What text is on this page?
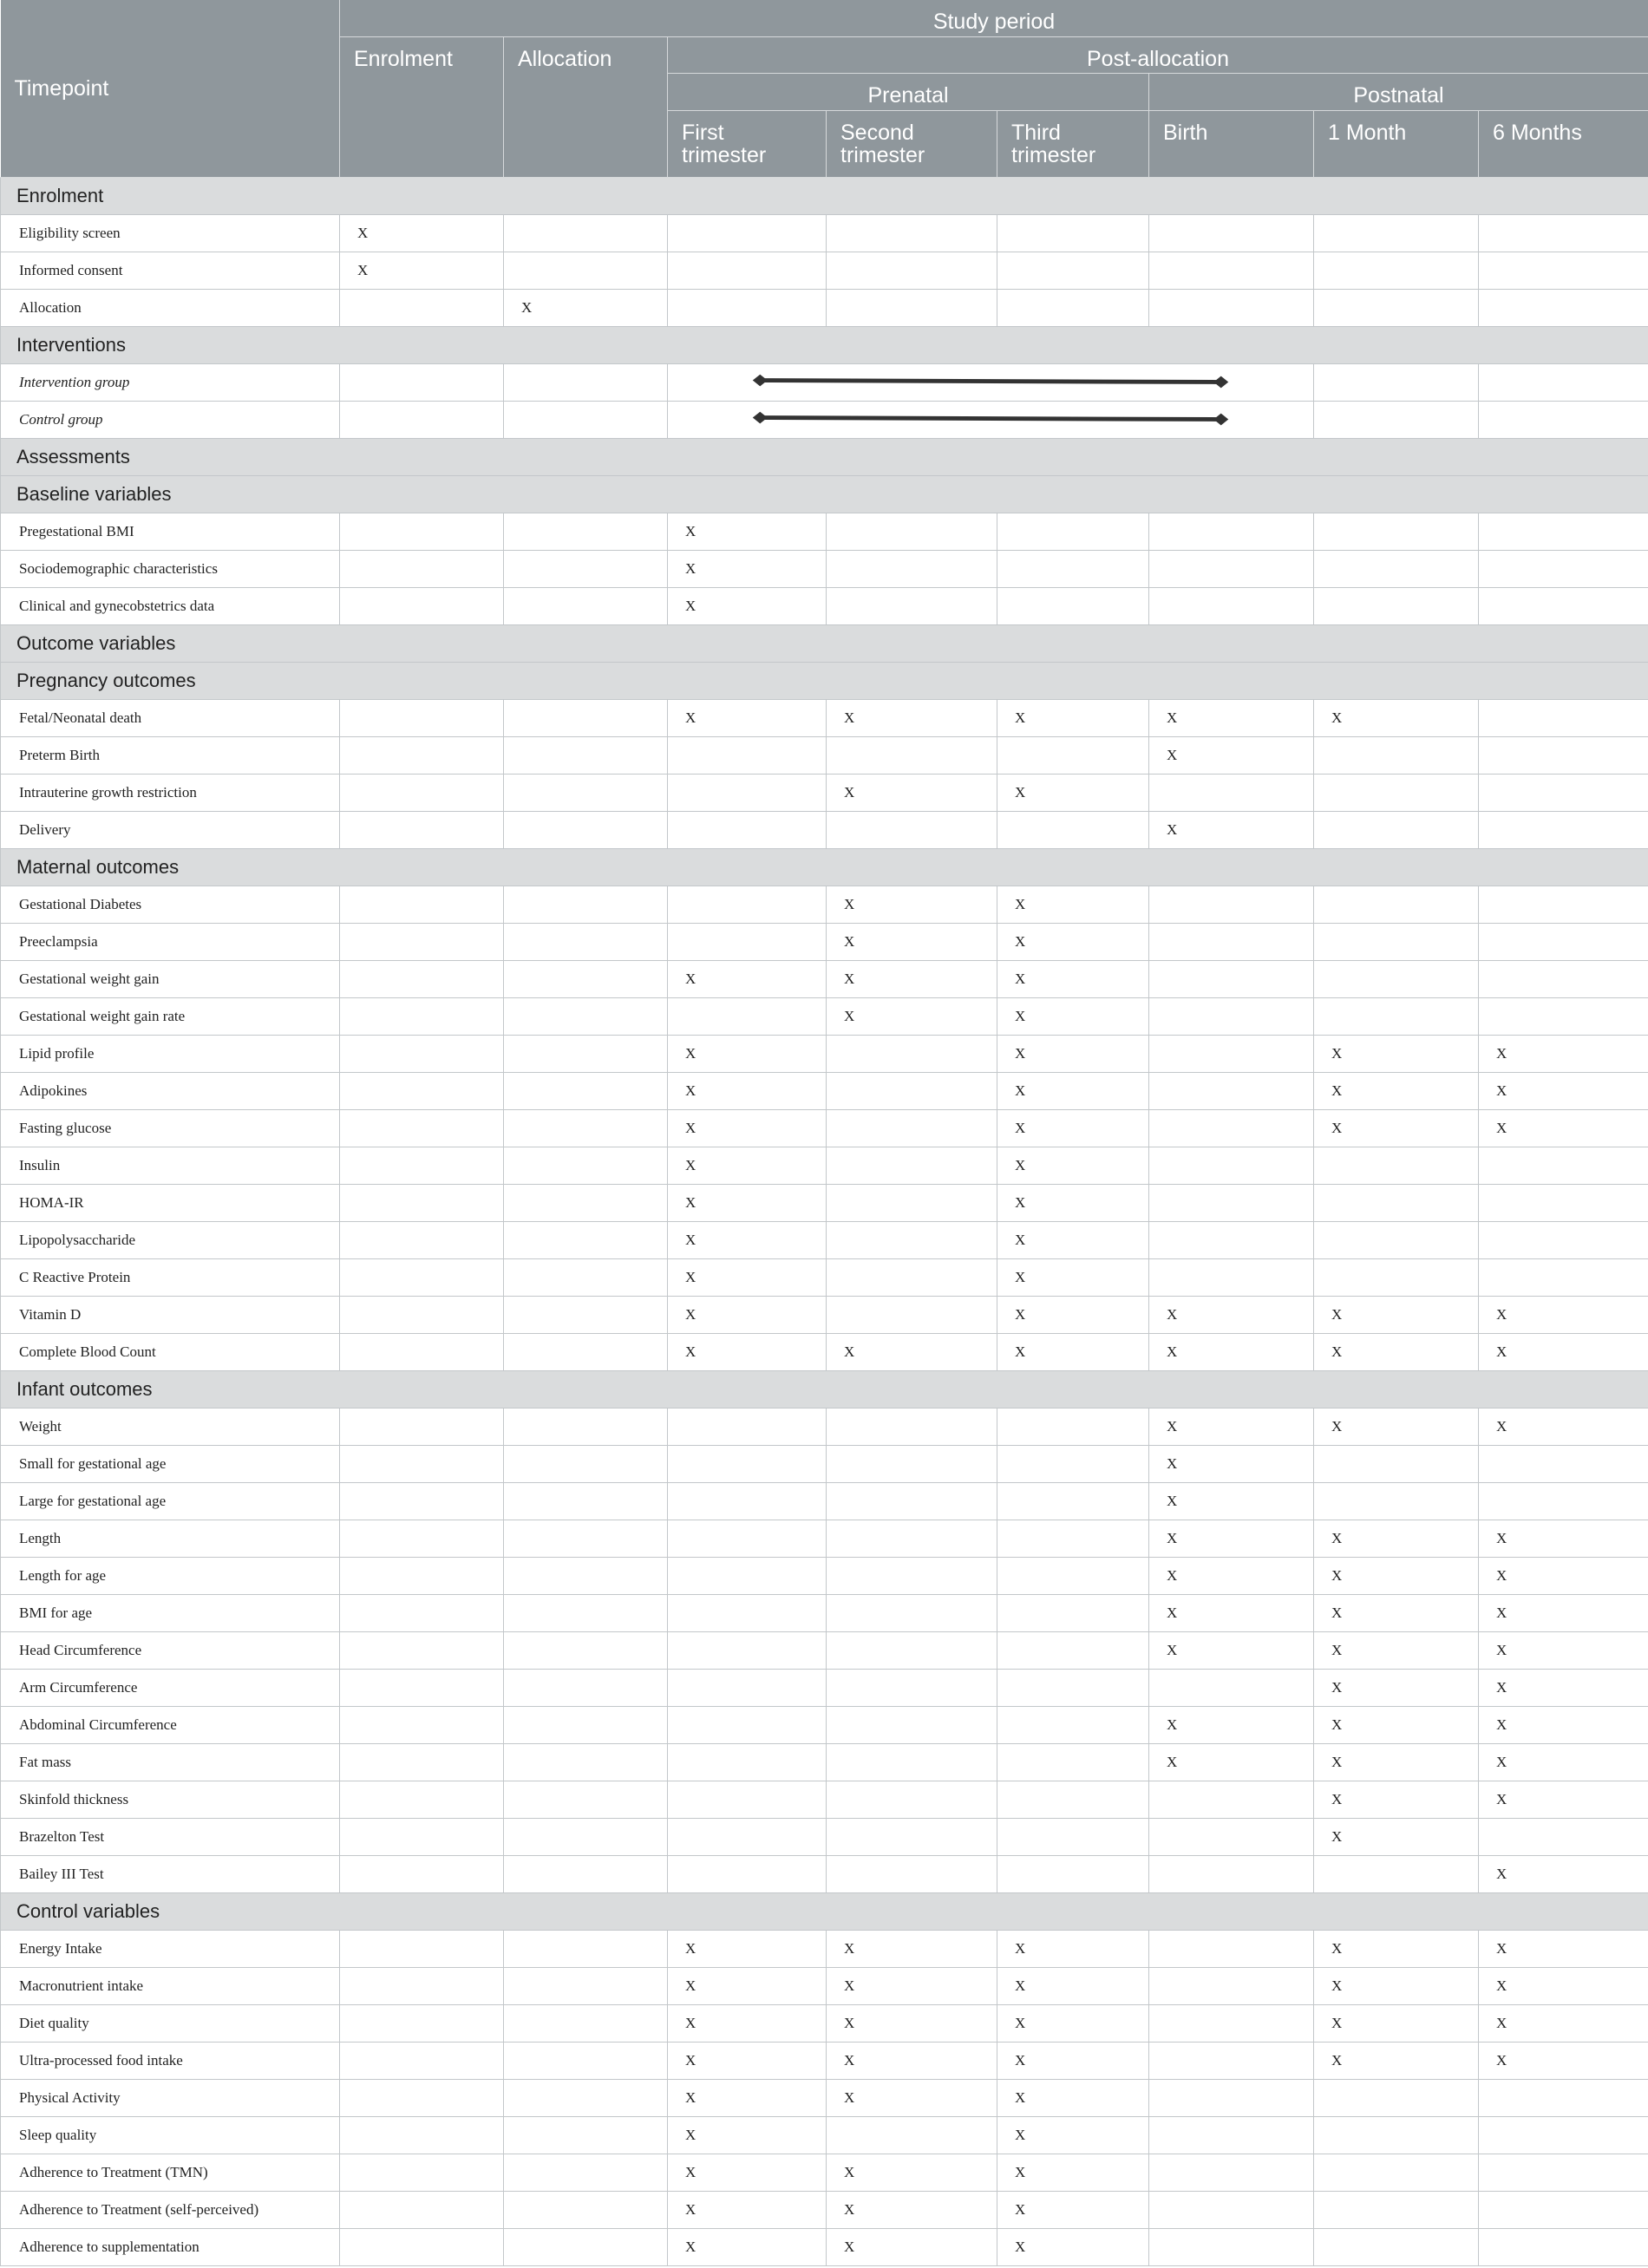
Timepoint	Study period							
	Enrolment	Allocation	Post-allocation					
			Prenatal			Postnatal		
			First trimester	Second trimester	Third trimester	Birth	1 Month	6 Months
Enrolment								
Eligibility screen	X							
Informed consent	X							
Allocation		X						
Interventions								
Intervention group			

Control group			

Assessments								
Baseline variables								
Pregestational BMI			X					
Sociodemographic characteristics			X					
Clinical and gynecobstetrics data			X					
Outcome variables								
Pregnancy outcomes								
Fetal/Neonatal death			X	X	X	X	X	
Preterm Birth						X		
Intrauterine growth restriction				X	X			
Delivery						X		
Maternal outcomes								
Gestational Diabetes				X	X			
Preeclampsia				X	X			
Gestational weight gain			X	X	X			
Gestational weight gain rate				X	X			
Lipid profile			X		X		X	X
Adipokines			X		X		X	X
Fasting glucose			X		X		X	X
Insulin			X		X			
HOMA-IR			X		X			
Lipopolysaccharide			X		X			
C Reactive Protein			X		X			
Vitamin D			X		X	X	X	X
Complete Blood Count			X	X	X	X	X	X
Infant outcomes								
Weight						X	X	X
Small for gestational age						X		
Large for gestational age						X		
Length						X	X	X
Length for age						X	X	X
BMI for age						X	X	X
Head Circumference						X	X	X
Arm Circumference							X	X
Abdominal Circumference						X	X	X
Fat mass						X	X	X
Skinfold thickness							X	X
Brazelton Test							X	
Bailey III Test								X
Control variables								
Energy Intake			X	X	X		X	X
Macronutrient intake			X	X	X		X	X
Diet quality			X	X	X		X	X
Ultra-processed food intake			X	X	X		X	X
Physical Activity			X	X	X			
Sleep quality			X		X			
Adherence to Treatment (TMN)			X	X	X			
Adherence to Treatment (self-perceived)			X	X	X			
Adherence to supplementation			X	X	X			
